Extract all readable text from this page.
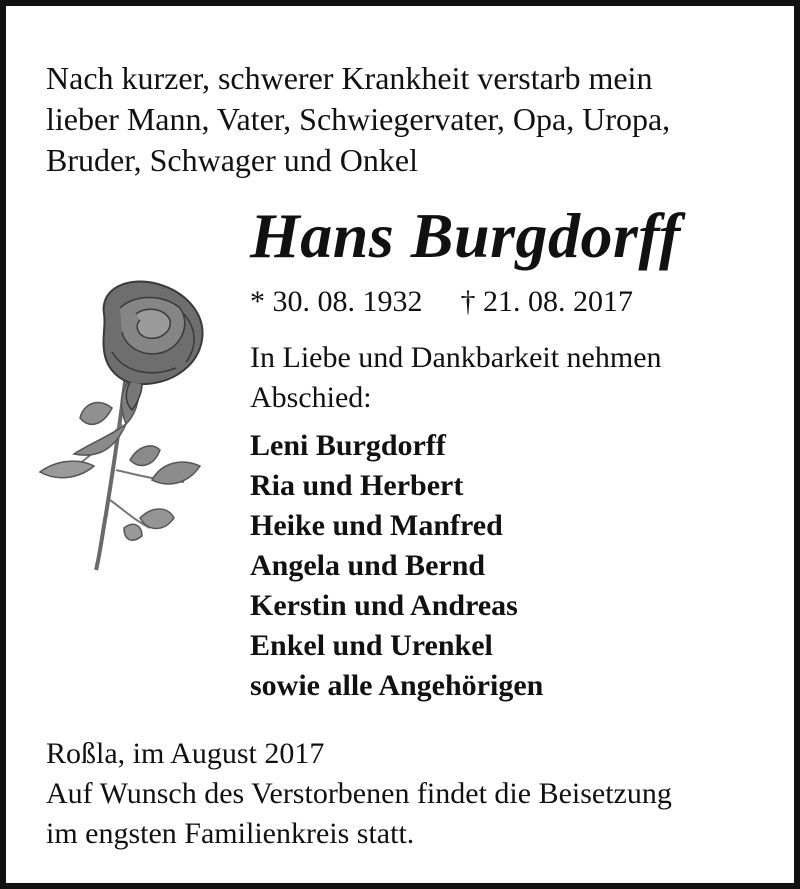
Nach kurzer, schwerer Krankheit verstarb mein
lieber Mann, Vater, Schwiegervater, Opa, Uropa,
Bruder, Schwager und Onkel
Hans Burgdorff
* 30. 08. 1932 † 21. 08. 2017
In Liebe und Dankbarkeit nehmen
Abschied:
Leni Burgdorff
Ria und Herbert
Heike und Manfred
Angela und Bernd
Kerstin und Andreas
Enkel und Urenkel
sowie alle Angehörigen
Roßla, im August 2017
Auf Wunsch des Verstorbenen findet die Beisetzung
im engsten Familienkreis statt.
